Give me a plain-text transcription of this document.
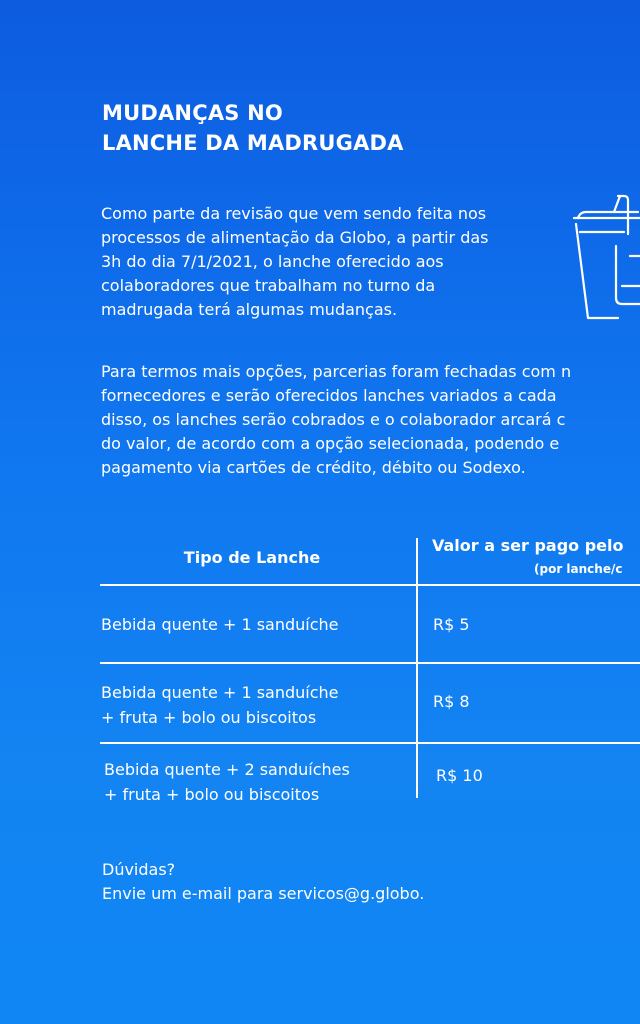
MUDANÇAS NO
LANCHE DA MADRUGADA
Como parte da revisão que vem sendo feita nos
processos de alimentação da Globo, a partir das
3h do dia 7/1/2021, o lanche oferecido aos
colaboradores que trabalham no turno da
madrugada terá algumas mudanças.
Para termos mais opções, parcerias foram fechadas com n
fornecedores e serão oferecidos lanches variados a cada
disso, os lanches serão cobrados e o colaborador arcará c
do valor, de acordo com a opção selecionada, podendo e
pagamento via cartões de crédito, débito ou Sodexo.
Tipo de Lanche
Valor a ser pago pelo
(por lanche/c
Bebida quente + 1 sanduíche	R$ 5
Bebida quente + 1 sanduíche
+ fruta + bolo ou biscoitos
R$ 8
Bebida quente + 2 sanduíches
+ fruta + bolo ou biscoitos
R$ 10
Dúvidas?
Envie um e-mail para servicos@g.globo.
